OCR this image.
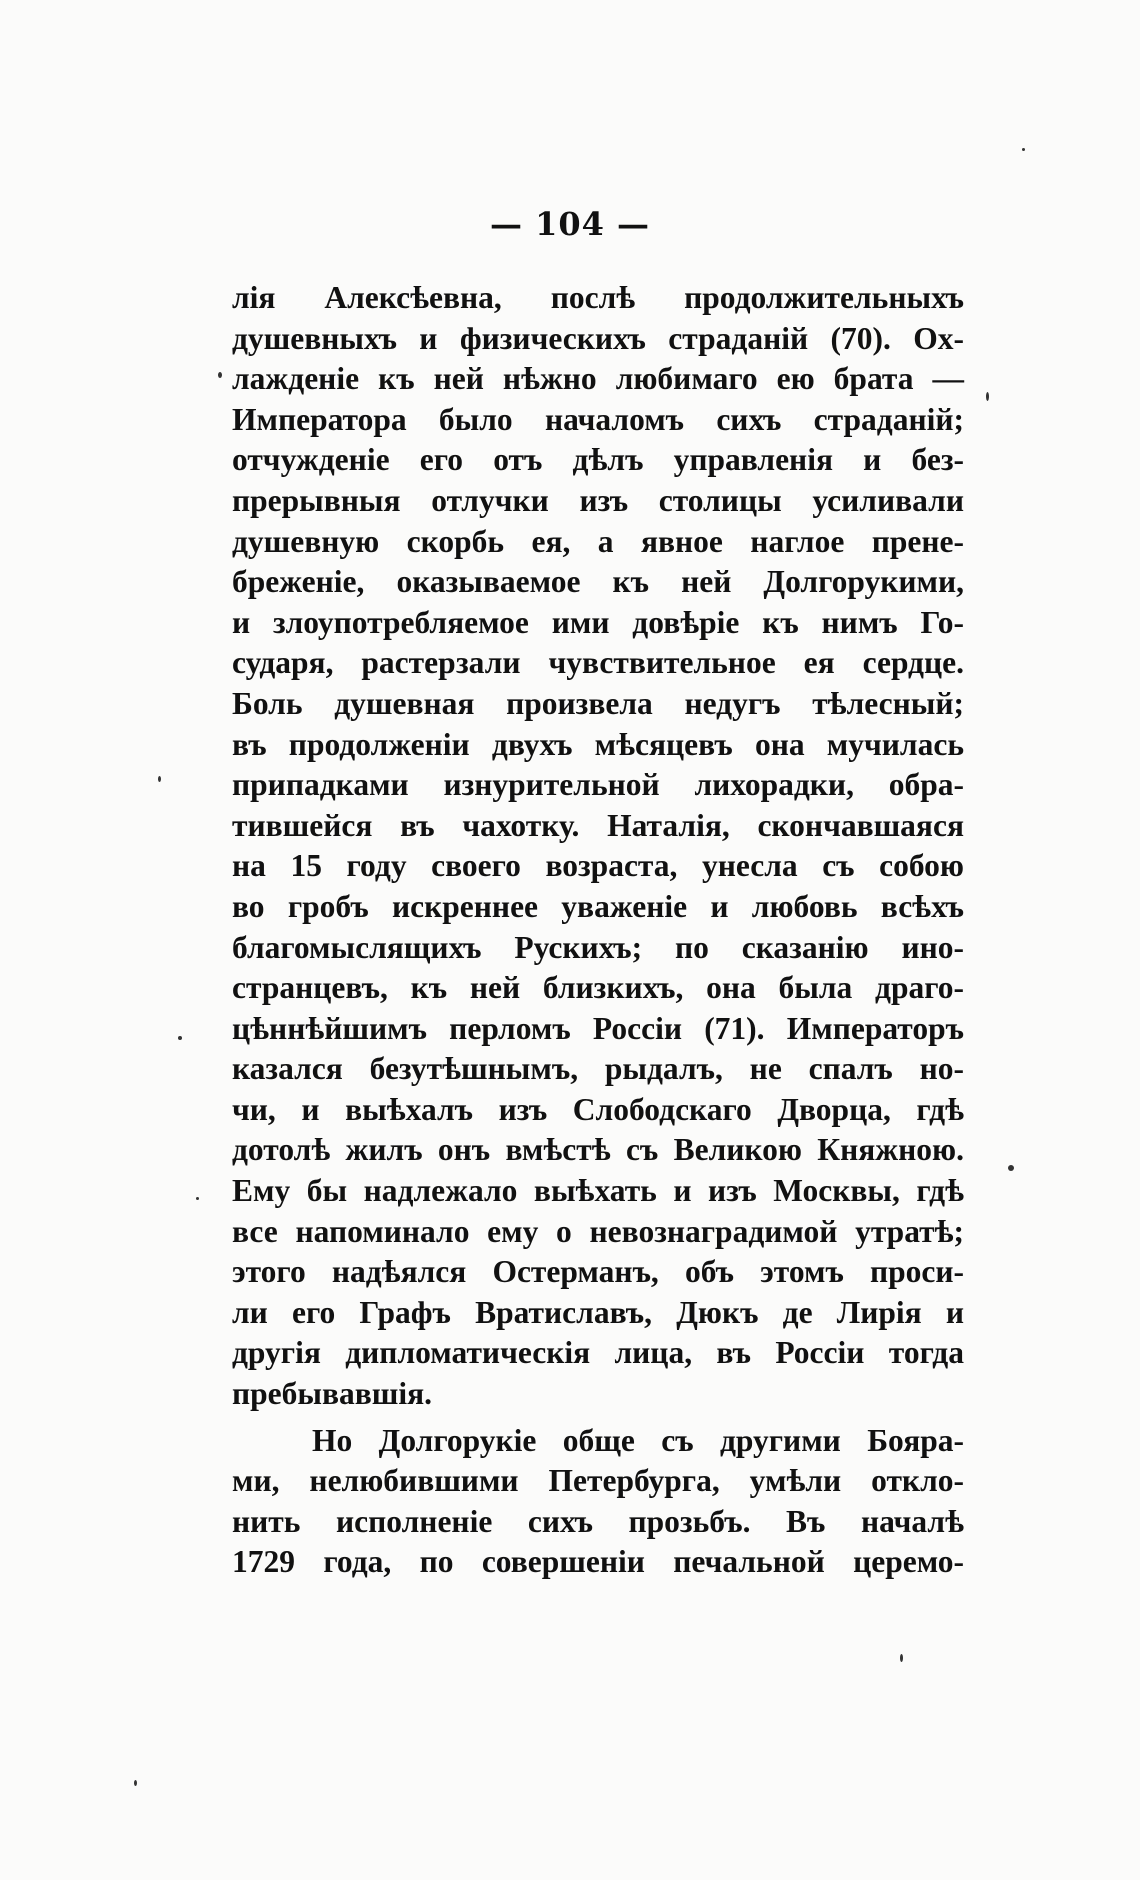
— 104 —
лія Алексѣевна, послѣ продолжительныхъ
душевныхъ и физическихъ страданій (70). Ох-
лажденіе къ ней нѣжно любимаго ею брата —
Императора было началомъ сихъ страданій;
отчужденіе его отъ дѣлъ управленія и без-
прерывныя отлучки изъ столицы усиливали
душевную скорбь ея, а явное наглое прене-
бреженіе, оказываемое къ ней Долгорукими,
и злоупотребляемое ими довѣріе къ нимъ Го-
сударя, растерзали чувствительное ея сердце.
Боль душевная произвела недугъ тѣлесный;
въ продолженіи двухъ мѣсяцевъ она мучилась
припадками изнурительной лихорадки, обра-
тившейся въ чахотку. Наталія, скончавшаяся
на 15 году своего возраста, унесла съ собою
во гробъ искреннее уваженіе и любовь всѣхъ
благомыслящихъ Рускихъ; по сказанію ино-
странцевъ, къ ней близкихъ, она была драго-
цѣннѣйшимъ перломъ Россіи (71). Императоръ
казался безутѣшнымъ, рыдалъ, не спалъ но-
чи, и выѣхалъ изъ Слободскаго Дворца, гдѣ
дотолѣ жилъ онъ вмѣстѣ съ Великою Княжною.
Ему бы надлежало выѣхать и изъ Москвы, гдѣ
все напоминало ему о невознаградимой утратѣ;
этого надѣялся Остерманъ, объ этомъ проси-
ли его Графъ Вратиславъ, Дюкъ де Лирія и
другія дипломатическія лица, въ Россіи тогда
пребывавшія.
Но Долгорукіе обще съ другими Боярa-
ми, нелюбившими Петербурга, умѣли откло-
нить исполненіе сихъ прозьбъ. Въ началѣ
1729 года, по совершеніи печальной церемо-
